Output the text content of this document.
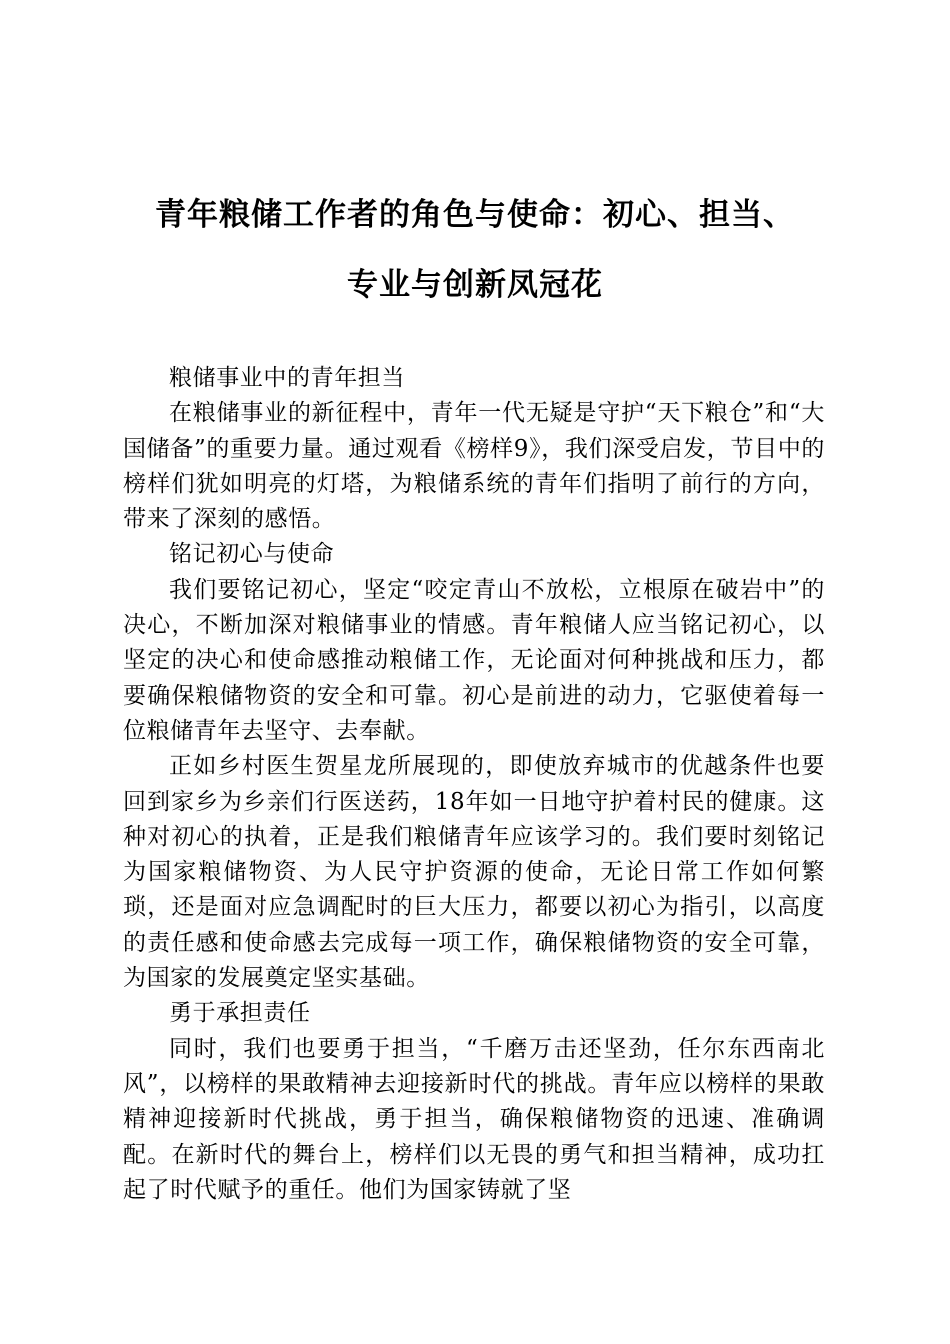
青年粮储工作者的角色与使命：初心、担当、
专业与创新凤冠花

粮储事业中的青年担当

在粮储事业的新征程中，青年一代无疑是守护“天下粮仓”和“大国储备”的重要力量。通过观看《榜样9》，我们深受启发，节目中的榜样们犹如明亮的灯塔，为粮储系统的青年们指明了前行的方向，带来了深刻的感悟。

铭记初心与使命

我们要铭记初心，坚定“咬定青山不放松，立根原在破岩中”的决心，不断加深对粮储事业的情感。青年粮储人应当铭记初心，以坚定的决心和使命感推动粮储工作，无论面对何种挑战和压力，都要确保粮储物资的安全和可靠。初心是前进的动力，它驱使着每一位粮储青年去坚守、去奉献。

正如乡村医生贺星龙所展现的，即使放弃城市的优越条件也要回到家乡为乡亲们行医送药，18年如一日地守护着村民的健康。这种对初心的执着，正是我们粮储青年应该学习的。我们要时刻铭记为国家粮储物资、为人民守护资源的使命，无论日常工作如何繁琐，还是面对应急调配时的巨大压力，都要以初心为指引，以高度的责任感和使命感去完成每一项工作，确保粮储物资的安全可靠，为国家的发展奠定坚实基础。

勇于承担责任

同时，我们也要勇于担当，“千磨万击还坚劲，任尔东西南北风”，以榜样的果敢精神去迎接新时代的挑战。青年应以榜样的果敢精神迎接新时代挑战，勇于担当，确保粮储物资的迅速、准确调配。在新时代的舞台上，榜样们以无畏的勇气和担当精神，成功扛起了时代赋予的重任。他们为国家铸就了坚
